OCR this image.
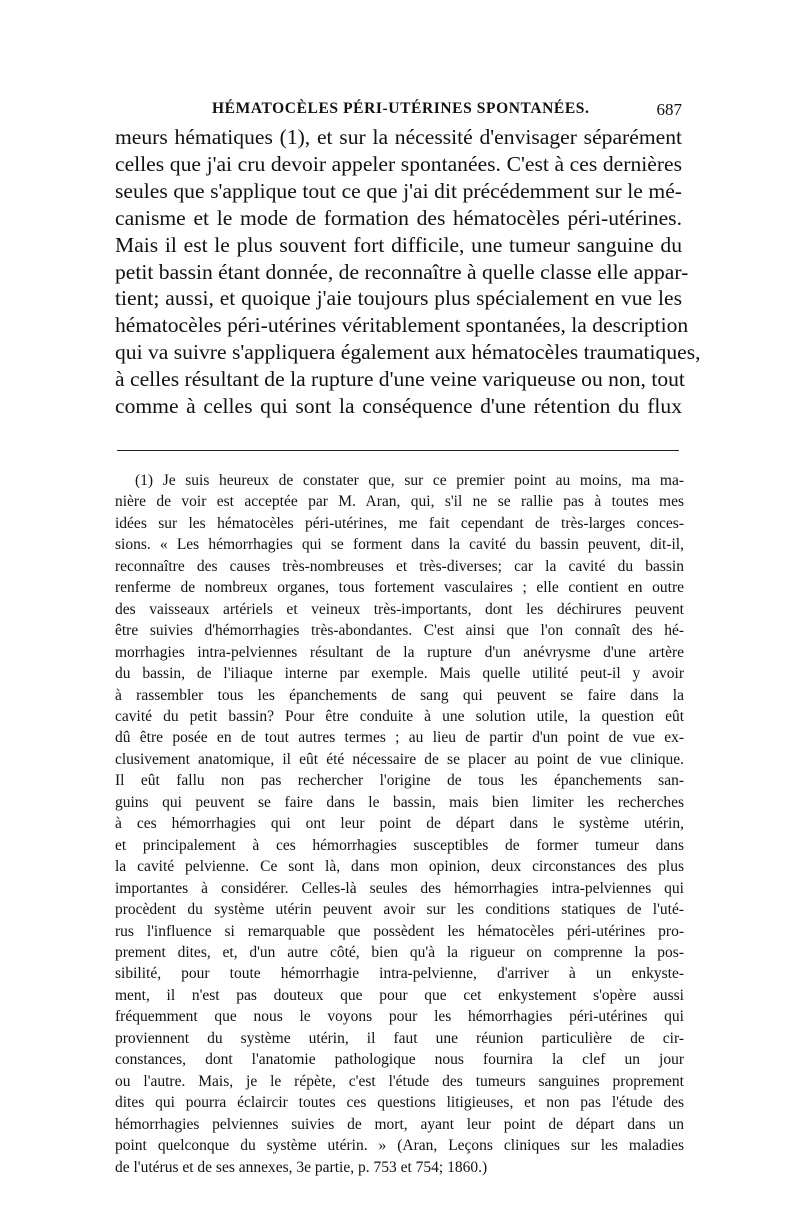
HÉMATOCÈLES PÉRI-UTÉRINES SPONTANÉES.	687
meurs hématiques (1), et sur la nécessité d'envisager séparément
celles que j'ai cru devoir appeler spontanées. C'est à ces dernières
seules que s'applique tout ce que j'ai dit précédemment sur le mé-
canisme et le mode de formation des hématocèles péri-utérines.
Mais il est le plus souvent fort difficile, une tumeur sanguine du
petit bassin étant donnée, de reconnaître à quelle classe elle appar-
tient; aussi, et quoique j'aie toujours plus spécialement en vue les
hématocèles péri-utérines véritablement spontanées, la description
qui va suivre s'appliquera également aux hématocèles traumatiques,
à celles résultant de la rupture d'une veine variqueuse ou non, tout
comme à celles qui sont la conséquence d'une rétention du flux
(1) Je suis heureux de constater que, sur ce premier point au moins, ma ma-
nière de voir est acceptée par M. Aran, qui, s'il ne se rallie pas à toutes mes
idées sur les hématocèles péri-utérines, me fait cependant de très-larges conces-
sions. « Les hémorrhagies qui se forment dans la cavité du bassin peuvent, dit-il,
reconnaître des causes très-nombreuses et très-diverses; car la cavité du bassin
renferme de nombreux organes, tous fortement vasculaires ; elle contient en outre
des vaisseaux artériels et veineux très-importants, dont les déchirures peuvent
être suivies d'hémorrhagies très-abondantes. C'est ainsi que l'on connaît des hé-
morrhagies intra-pelviennes résultant de la rupture d'un anévrysme d'une artère
du bassin, de l'iliaque interne par exemple. Mais quelle utilité peut-il y avoir
à rassembler tous les épanchements de sang qui peuvent se faire dans la
cavité du petit bassin? Pour être conduite à une solution utile, la question eût
dû être posée en de tout autres termes ; au lieu de partir d'un point de vue ex-
clusivement anatomique, il eût été nécessaire de se placer au point de vue clinique.
Il eût fallu non pas rechercher l'origine de tous les épanchements san-
guins qui peuvent se faire dans le bassin, mais bien limiter les recherches
à ces hémorrhagies qui ont leur point de départ dans le système utérin,
et principalement à ces hémorrhagies susceptibles de former tumeur dans
la cavité pelvienne. Ce sont là, dans mon opinion, deux circonstances des plus
importantes à considérer. Celles-là seules des hémorrhagies intra-pelviennes qui
procèdent du système utérin peuvent avoir sur les conditions statiques de l'uté-
rus l'influence si remarquable que possèdent les hématocèles péri-utérines pro-
prement dites, et, d'un autre côté, bien qu'à la rigueur on comprenne la pos-
sibilité, pour toute hémorrhagie intra-pelvienne, d'arriver à un enkyste-
ment, il n'est pas douteux que pour que cet enkystement s'opère aussi
fréquemment que nous le voyons pour les hémorrhagies péri-utérines qui
proviennent du système utérin, il faut une réunion particulière de cir-
constances, dont l'anatomie pathologique nous fournira la clef un jour
ou l'autre. Mais, je le répète, c'est l'étude des tumeurs sanguines proprement
dites qui pourra éclaircir toutes ces questions litigieuses, et non pas l'étude des
hémorrhagies pelviennes suivies de mort, ayant leur point de départ dans un
point quelconque du système utérin. » (Aran, Leçons cliniques sur les maladies
de l'utérus et de ses annexes, 3e partie, p. 753 et 754; 1860.)
